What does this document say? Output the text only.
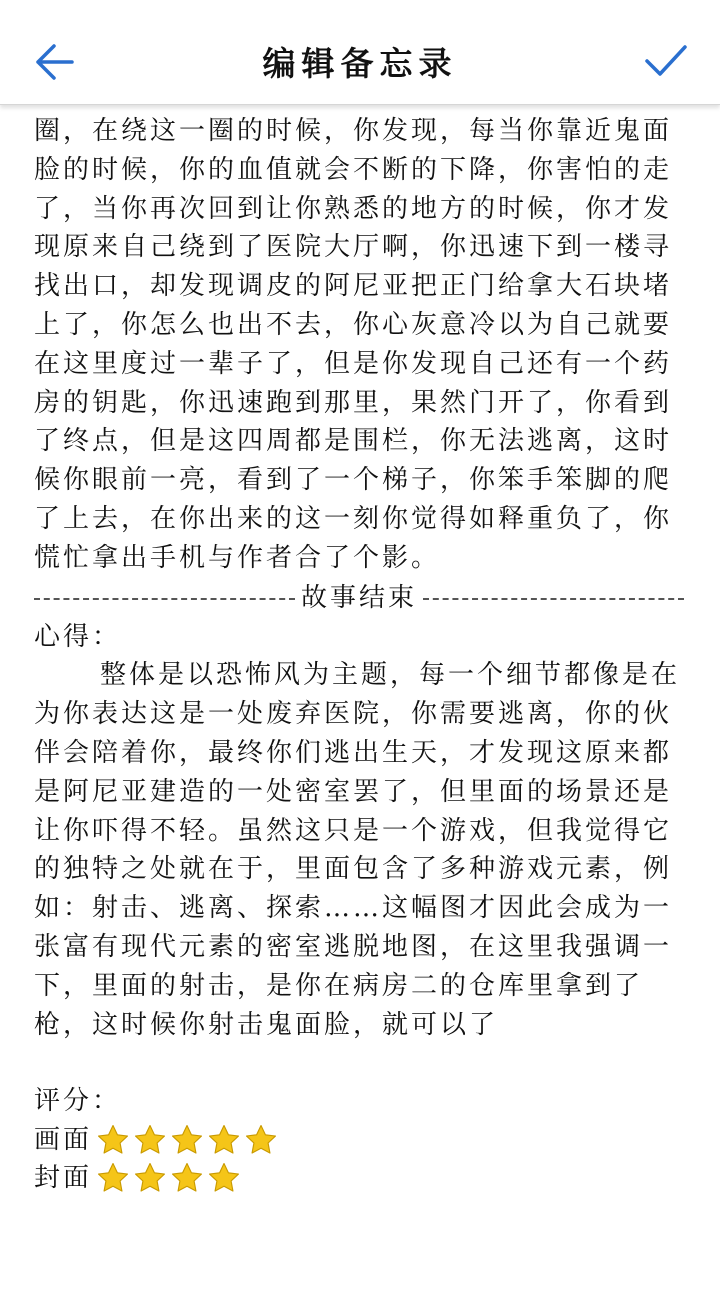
编辑备忘录

圈，在绕这一圈的时候，你发现，每当你靠近鬼面脸的时候，你的血值就会不断的下降，你害怕的走了，当你再次回到让你熟悉的地方的时候，你才发现原来自己绕到了医院大厅啊，你迅速下到一楼寻找出口，却发现调皮的阿尼亚把正门给拿大石块堵上了，你怎么也出不去，你心灰意冷以为自己就要在这里度过一辈子了，但是你发现自己还有一个药房的钥匙，你迅速跑到那里，果然门开了，你看到了终点，但是这四周都是围栏，你无法逃离，这时候你眼前一亮，看到了一个梯子，你笨手笨脚的爬了上去，在你出来的这一刻你觉得如释重负了，你慌忙拿出手机与作者合了个影。

故事结束

心得：

整体是以恐怖风为主题，每一个细节都像是在为你表达这是一处废弃医院，你需要逃离，你的伙伴会陪着你，最终你们逃出生天，才发现这原来都是阿尼亚建造的一处密室罢了，但里面的场景还是让你吓得不轻。虽然这只是一个游戏，但我觉得它的独特之处就在于，里面包含了多种游戏元素，例如：射击、逃离、探索……这幅图才因此会成为一张富有现代元素的密室逃脱地图，在这里我强调一下，里面的射击，是你在病房二的仓库里拿到了枪，这时候你射击鬼面脸，就可以了

评分：

画面
封面
